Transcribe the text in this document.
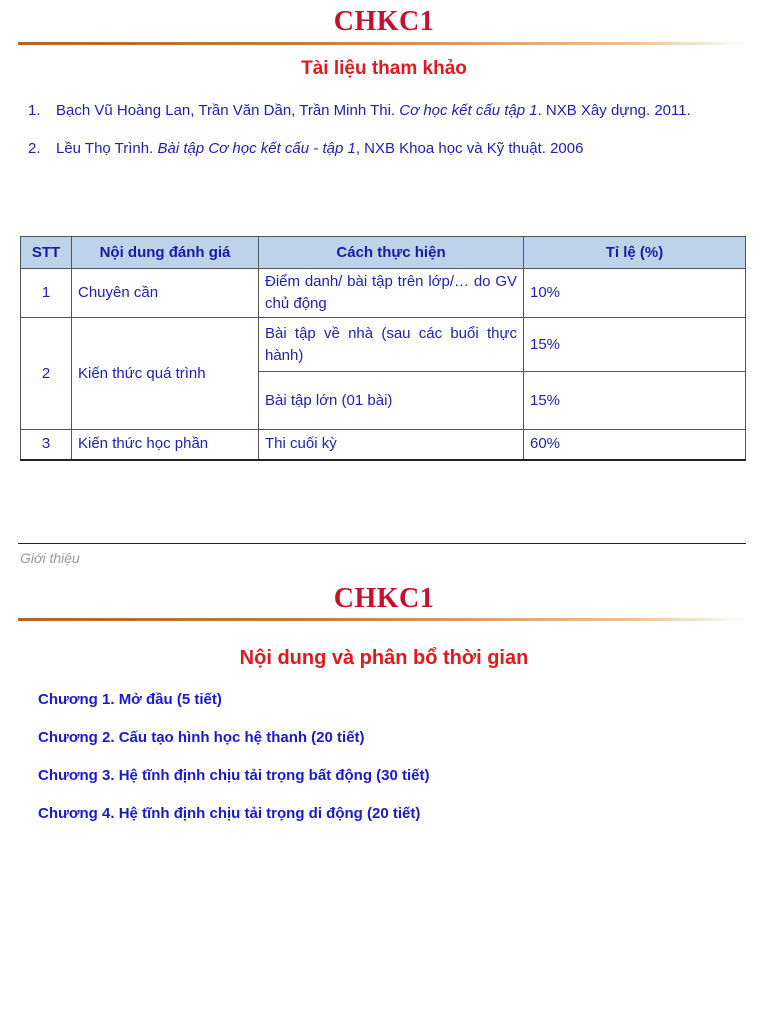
CHKC1
Tài liệu tham khảo
1.	Bạch Vũ Hoàng Lan, Trần Văn Dần, Trần Minh Thi. Cơ học kết cấu tập 1. NXB Xây dựng. 2011.
2.	Lều Thọ Trình. Bài tập Cơ học kết cấu - tập 1, NXB Khoa học và Kỹ thuật. 2006
STT	Nội dung đánh giá	Cách thực hiện	Tỉ lệ (%)
1	Chuyên cần	Điểm danh/ bài tập trên lớp/… do GV chủ động	10%
2	Kiến thức quá trình	Bài tập về nhà (sau các buổi thực hành)	15%
		Bài tập lớn (01 bài)	15%
3	Kiến thức học phần	Thi cuối kỳ	60%
Giới thiệu
CHKC1
Nội dung và phân bổ thời gian
Chương 1. Mở đầu (5 tiết)
Chương 2. Cấu tạo hình học hệ thanh (20 tiết)
Chương 3. Hệ tĩnh định chịu tải trọng bất động (30 tiết)
Chương 4. Hệ tĩnh định chịu tải trọng di động (20 tiết)
